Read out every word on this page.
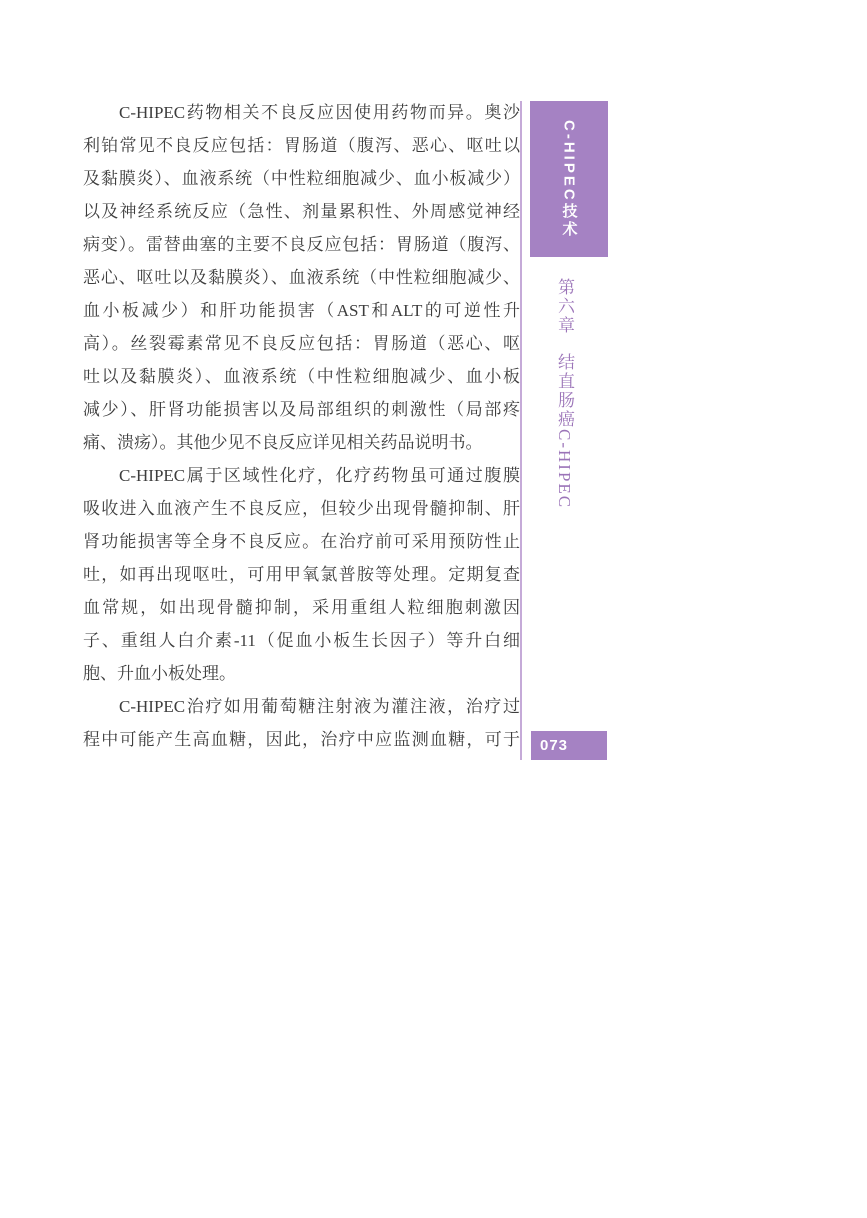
C-HIPEC药物相关不良反应因使用药物而异。奥沙
利铂常见不良反应包括：胃肠道（腹泻、恶心、呕吐以
及黏膜炎）、血液系统（中性粒细胞减少、血小板减少）
以及神经系统反应（急性、剂量累积性、外周感觉神经
病变）。雷替曲塞的主要不良反应包括：胃肠道（腹泻、
恶心、呕吐以及黏膜炎）、血液系统（中性粒细胞减少、
血小板减少）和肝功能损害（AST和ALT的可逆性升
高）。丝裂霉素常见不良反应包括：胃肠道（恶心、呕
吐以及黏膜炎）、血液系统（中性粒细胞减少、血小板
减少）、肝肾功能损害以及局部组织的刺激性（局部疼
痛、溃疡）。其他少见不良反应详见相关药品说明书。
C-HIPEC属于区域性化疗，化疗药物虽可通过腹膜
吸收进入血液产生不良反应，但较少出现骨髓抑制、肝
肾功能损害等全身不良反应。在治疗前可采用预防性止
吐，如再出现呕吐，可用甲氧氯普胺等处理。定期复查
血常规，如出现骨髓抑制，采用重组人粒细胞刺激因
子、重组人白介素-11（促血小板生长因子）等升白细
胞、升血小板处理。
C-HIPEC治疗如用葡萄糖注射液为灌注液，治疗过
程中可能产生高血糖，因此，治疗中应监测血糖，可于
C-HIPEC技术
第六章结直肠癌C-HIPEC
073
